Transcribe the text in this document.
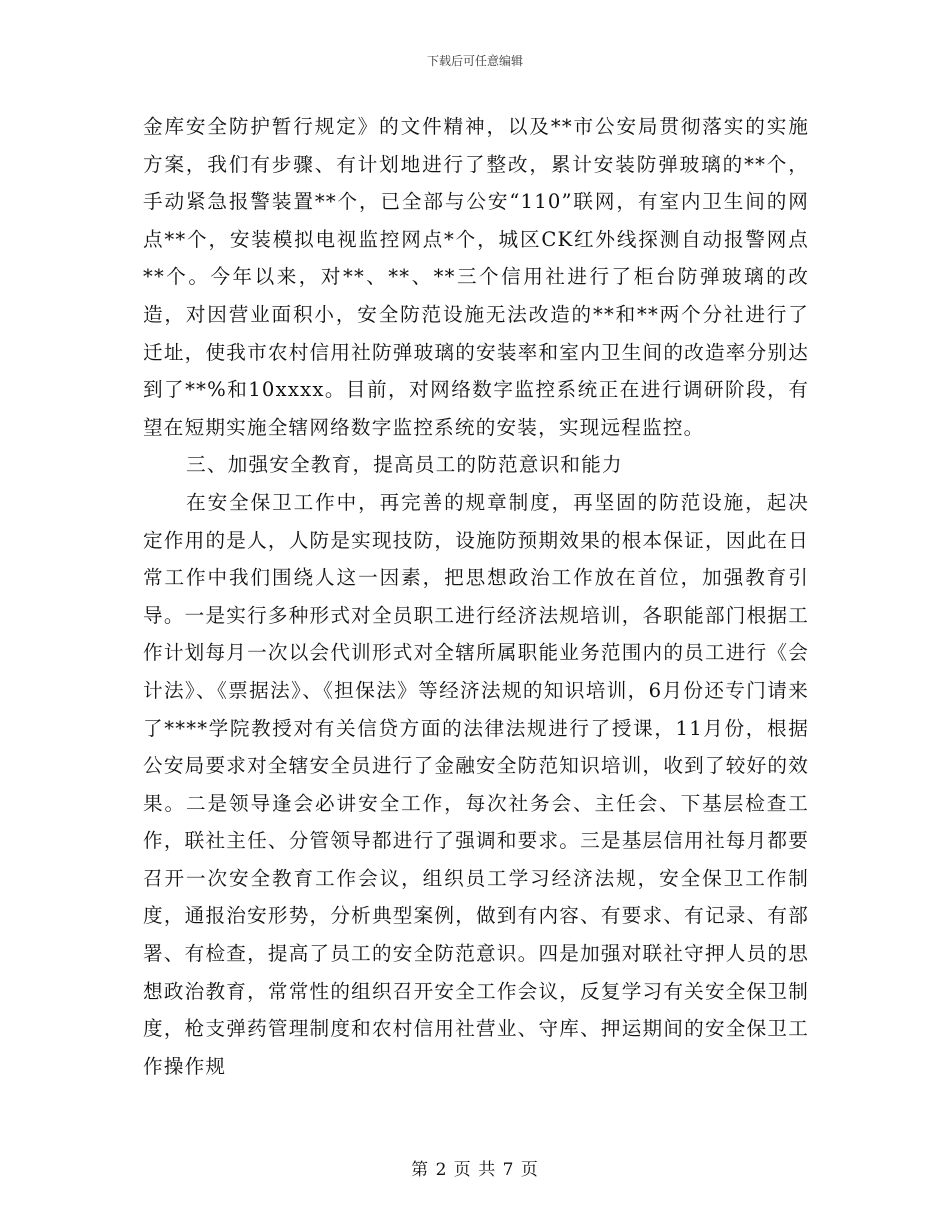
下载后可任意编辑

金库安全防护暂行规定》的文件精神，以及**市公安局贯彻落实的实施方案，我们有步骤、有计划地进行了整改，累计安装防弹玻璃的**个，手动紧急报警装置**个，已全部与公安“110”联网，有室内卫生间的网点**个，安装模拟电视监控网点*个，城区CK红外线探测自动报警网点**个。今年以来，对**、**、**三个信用社进行了柜台防弹玻璃的改造，对因营业面积小，安全防范设施无法改造的**和**两个分社进行了迁址，使我市农村信用社防弹玻璃的安装率和室内卫生间的改造率分别达到了**%和10xxxx。目前，对网络数字监控系统正在进行调研阶段，有望在短期实施全辖网络数字监控系统的安装，实现远程监控。

三、加强安全教育，提高员工的防范意识和能力

在安全保卫工作中，再完善的规章制度，再坚固的防范设施，起决定作用的是人，人防是实现技防，设施防预期效果的根本保证，因此在日常工作中我们围绕人这一因素，把思想政治工作放在首位，加强教育引导。一是实行多种形式对全员职工进行经济法规培训，各职能部门根据工作计划每月一次以会代训形式对全辖所属职能业务范围内的员工进行《会计法》、《票据法》、《担保法》等经济法规的知识培训，6月份还专门请来了****学院教授对有关信贷方面的法律法规进行了授课，11月份，根据公安局要求对全辖安全员进行了金融安全防范知识培训，收到了较好的效果。二是领导逢会必讲安全工作，每次社务会、主任会、下基层检查工作，联社主任、分管领导都进行了强调和要求。三是基层信用社每月都要召开一次安全教育工作会议，组织员工学习经济法规，安全保卫工作制度，通报治安形势，分析典型案例，做到有内容、有要求、有记录、有部署、有检查，提高了员工的安全防范意识。四是加强对联社守押人员的思想政治教育，常常性的组织召开安全工作会议，反复学习有关安全保卫制度，枪支弹药管理制度和农村信用社营业、守库、押运期间的安全保卫工作操作规

第 2 页 共 7 页
